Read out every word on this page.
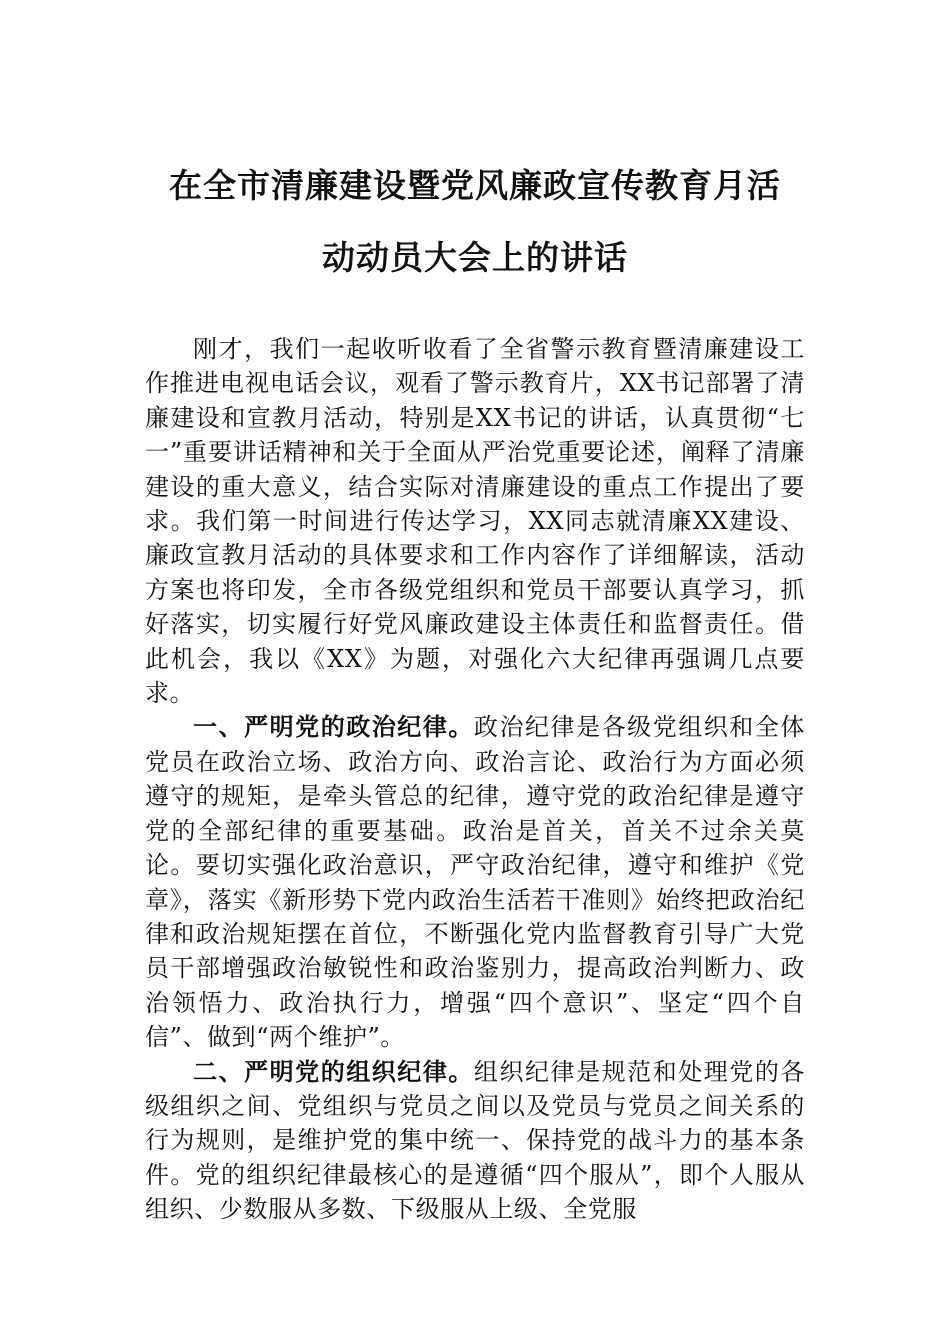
在全市清廉建设暨党风廉政宣传教育月活
动动员大会上的讲话

刚才，我们一起收听收看了全省警示教育暨清廉建设工作推进电视电话会议，观看了警示教育片，XX书记部署了清廉建设和宣教月活动，特别是XX书记的讲话，认真贯彻“七一”重要讲话精神和关于全面从严治党重要论述，阐释了清廉建设的重大意义，结合实际对清廉建设的重点工作提出了要求。我们第一时间进行传达学习，XX同志就清廉XX建设、廉政宣教月活动的具体要求和工作内容作了详细解读，活动方案也将印发，全市各级党组织和党员干部要认真学习，抓好落实，切实履行好党风廉政建设主体责任和监督责任。借此机会，我以《XX》为题，对强化六大纪律再强调几点要求。

一、严明党的政治纪律。政治纪律是各级党组织和全体党员在政治立场、政治方向、政治言论、政治行为方面必须遵守的规矩，是牵头管总的纪律，遵守党的政治纪律是遵守党的全部纪律的重要基础。政治是首关，首关不过余关莫论。要切实强化政治意识，严守政治纪律，遵守和维护《党章》，落实《新形势下党内政治生活若干准则》始终把政治纪律和政治规矩摆在首位，不断强化党内监督教育引导广大党员干部增强政治敏锐性和政治鉴别力，提高政治判断力、政治领悟力、政治执行力，增强“四个意识”、坚定“四个自信”、做到“两个维护”。

二、严明党的组织纪律。组织纪律是规范和处理党的各级组织之间、党组织与党员之间以及党员与党员之间关系的行为规则，是维护党的集中统一、保持党的战斗力的基本条件。党的组织纪律最核心的是遵循“四个服从”，即个人服从组织、少数服从多数、下级服从上级、全党服
